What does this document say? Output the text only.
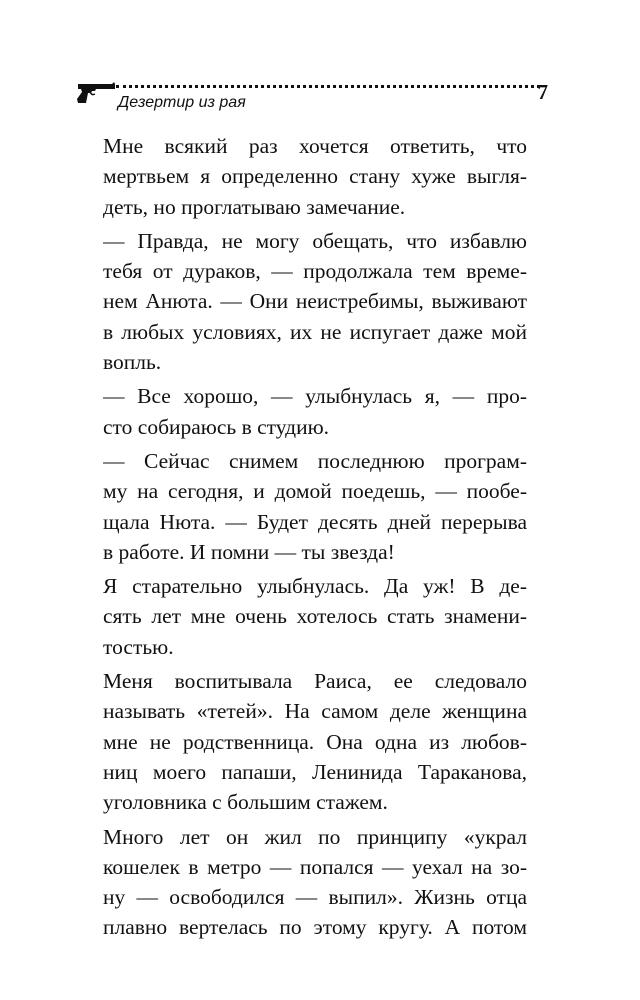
Дезертир из рая	7
Мне всякий раз хочется ответить, что
мертвьем я определенно стану хуже выгля-
деть, но проглатываю замечание.
— Правда, не могу обещать, что избавлю
тебя от дураков, — продолжала тем време-
нем Анюта. — Они неистребимы, выживают
в любых условиях, их не испугает даже мой
вопль.
— Все хорошо, — улыбнулась я, — про-
сто собираюсь в студию.
— Сейчас снимем последнюю програм-
му на сегодня, и домой поедешь, — пообе-
щала Нюта. — Будет десять дней перерыва
в работе. И помни — ты звезда!
Я старательно улыбнулась. Да уж! В де-
сять лет мне очень хотелось стать знамени-
тостью.
Меня воспитывала Раиса, ее следовало
называть «тетей». На самом деле женщина
мне не родственница. Она одна из любов-
ниц моего папаши, Ленинида Тараканова,
уголовника с большим стажем.
Много лет он жил по принципу «украл
кошелек в метро — попался — уехал на зо-
ну — освободился — выпил». Жизнь отца
плавно вертелась по этому кругу. А потом
